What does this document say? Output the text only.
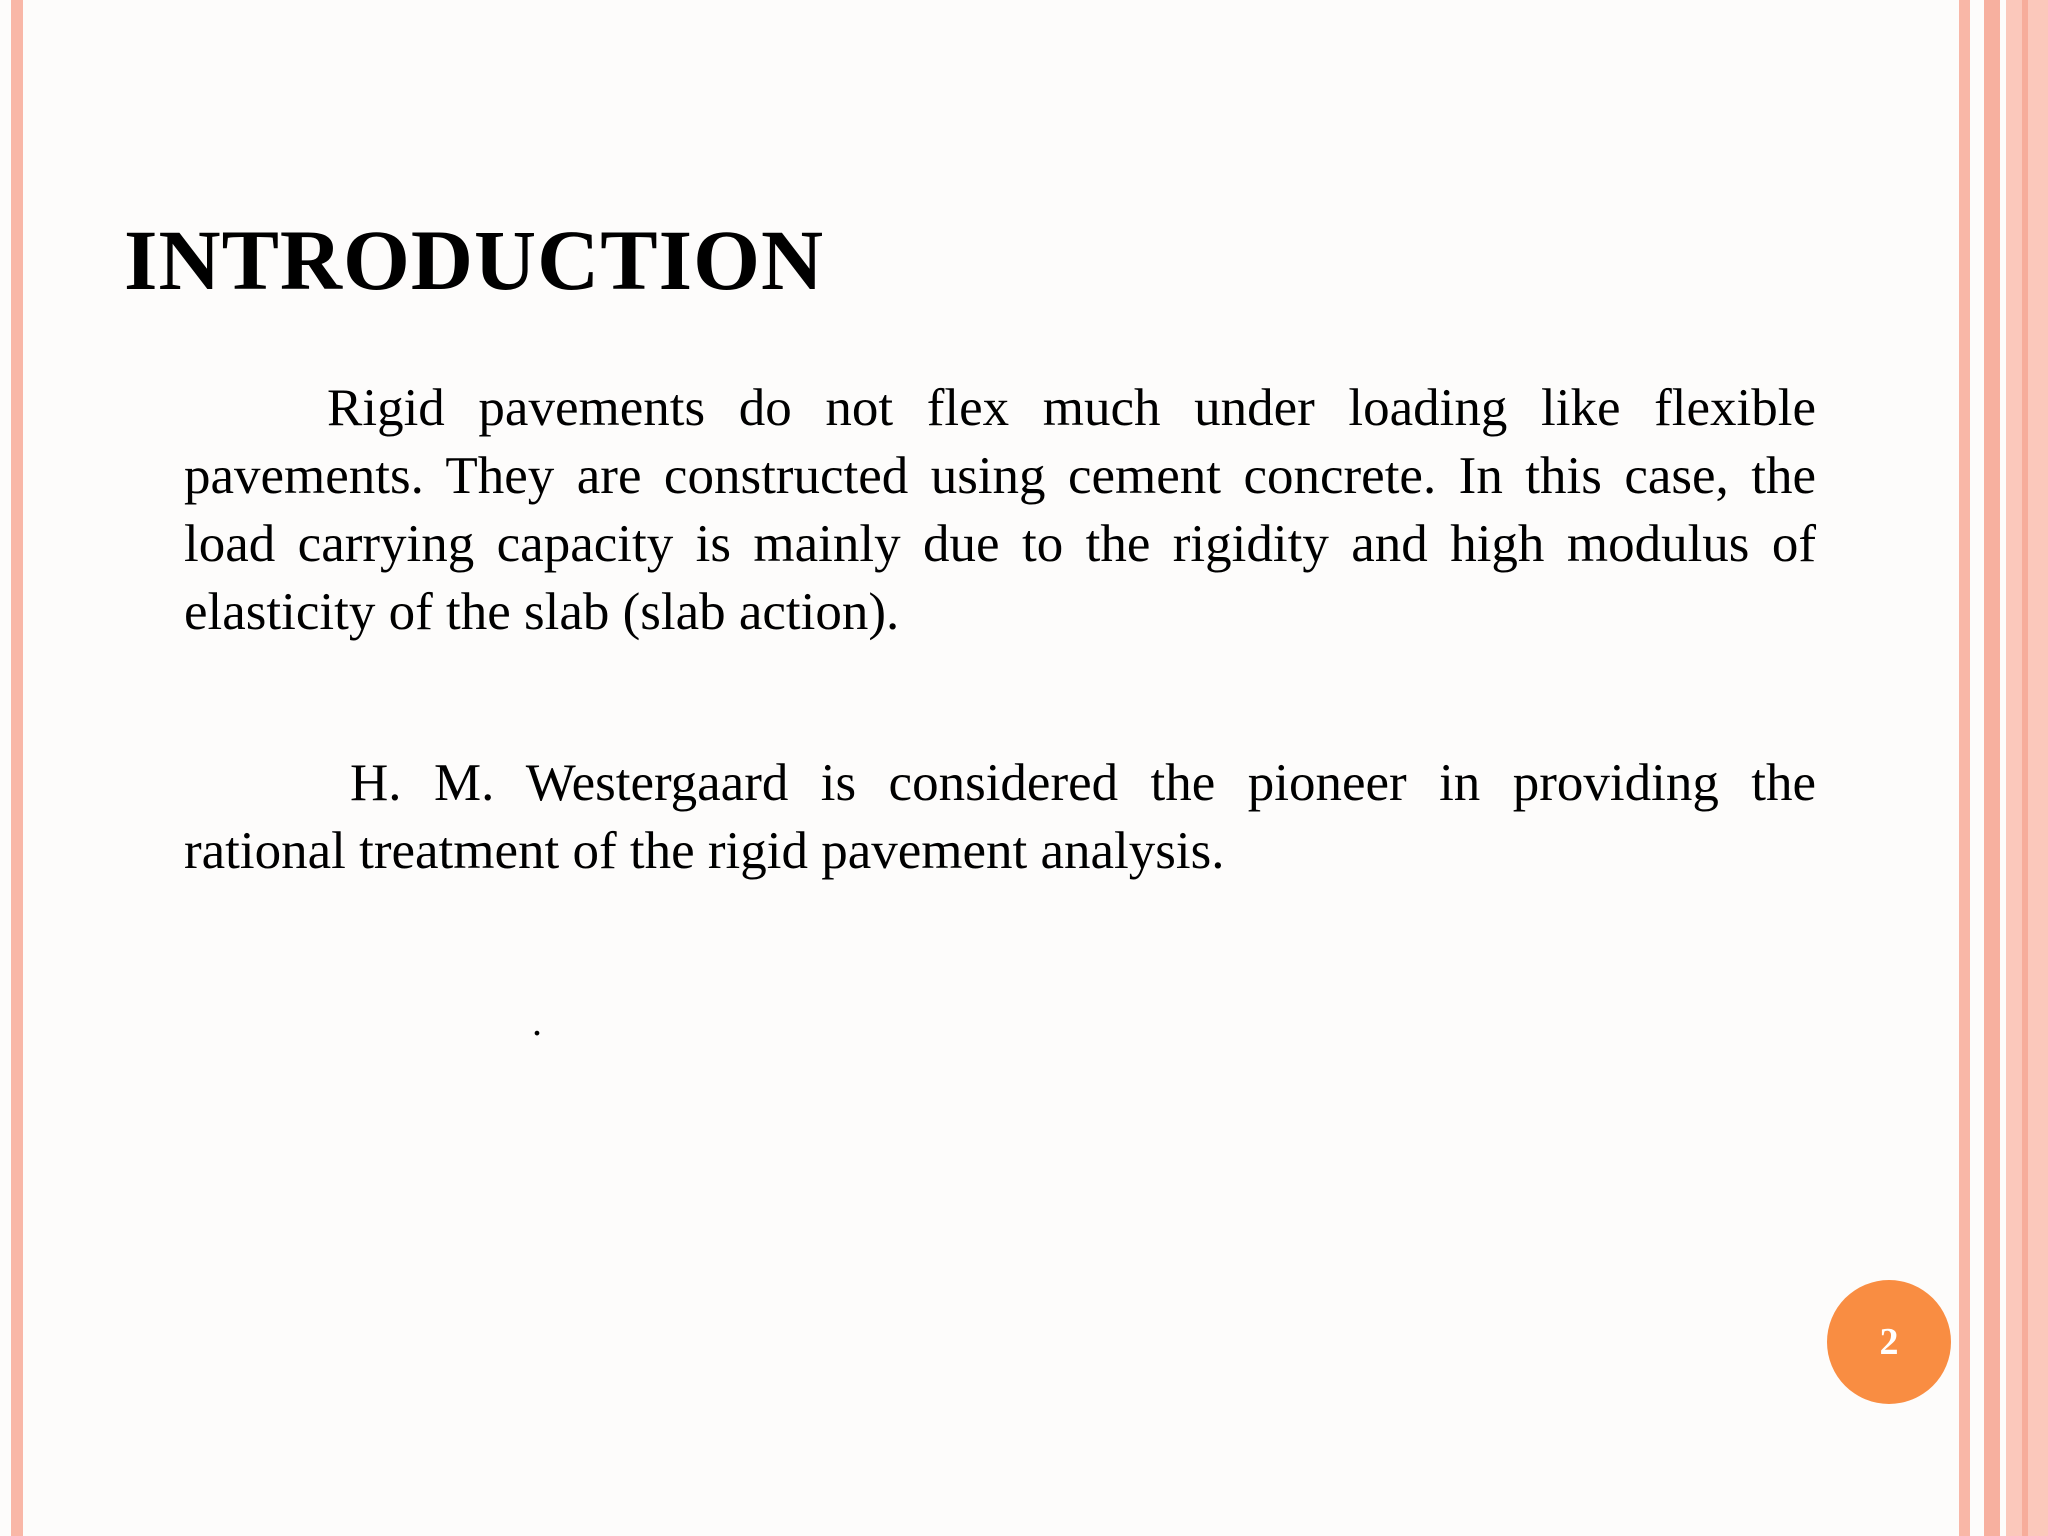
INTRODUCTION

Rigid pavements do not flex much under loading like flexible pavements. They are constructed using cement concrete. In this case, the load carrying capacity is mainly due to the rigidity and high modulus of elasticity of the slab (slab action).

H. M. Westergaard is considered the pioneer in providing the rational treatment of the rigid pavement analysis.

.
2
